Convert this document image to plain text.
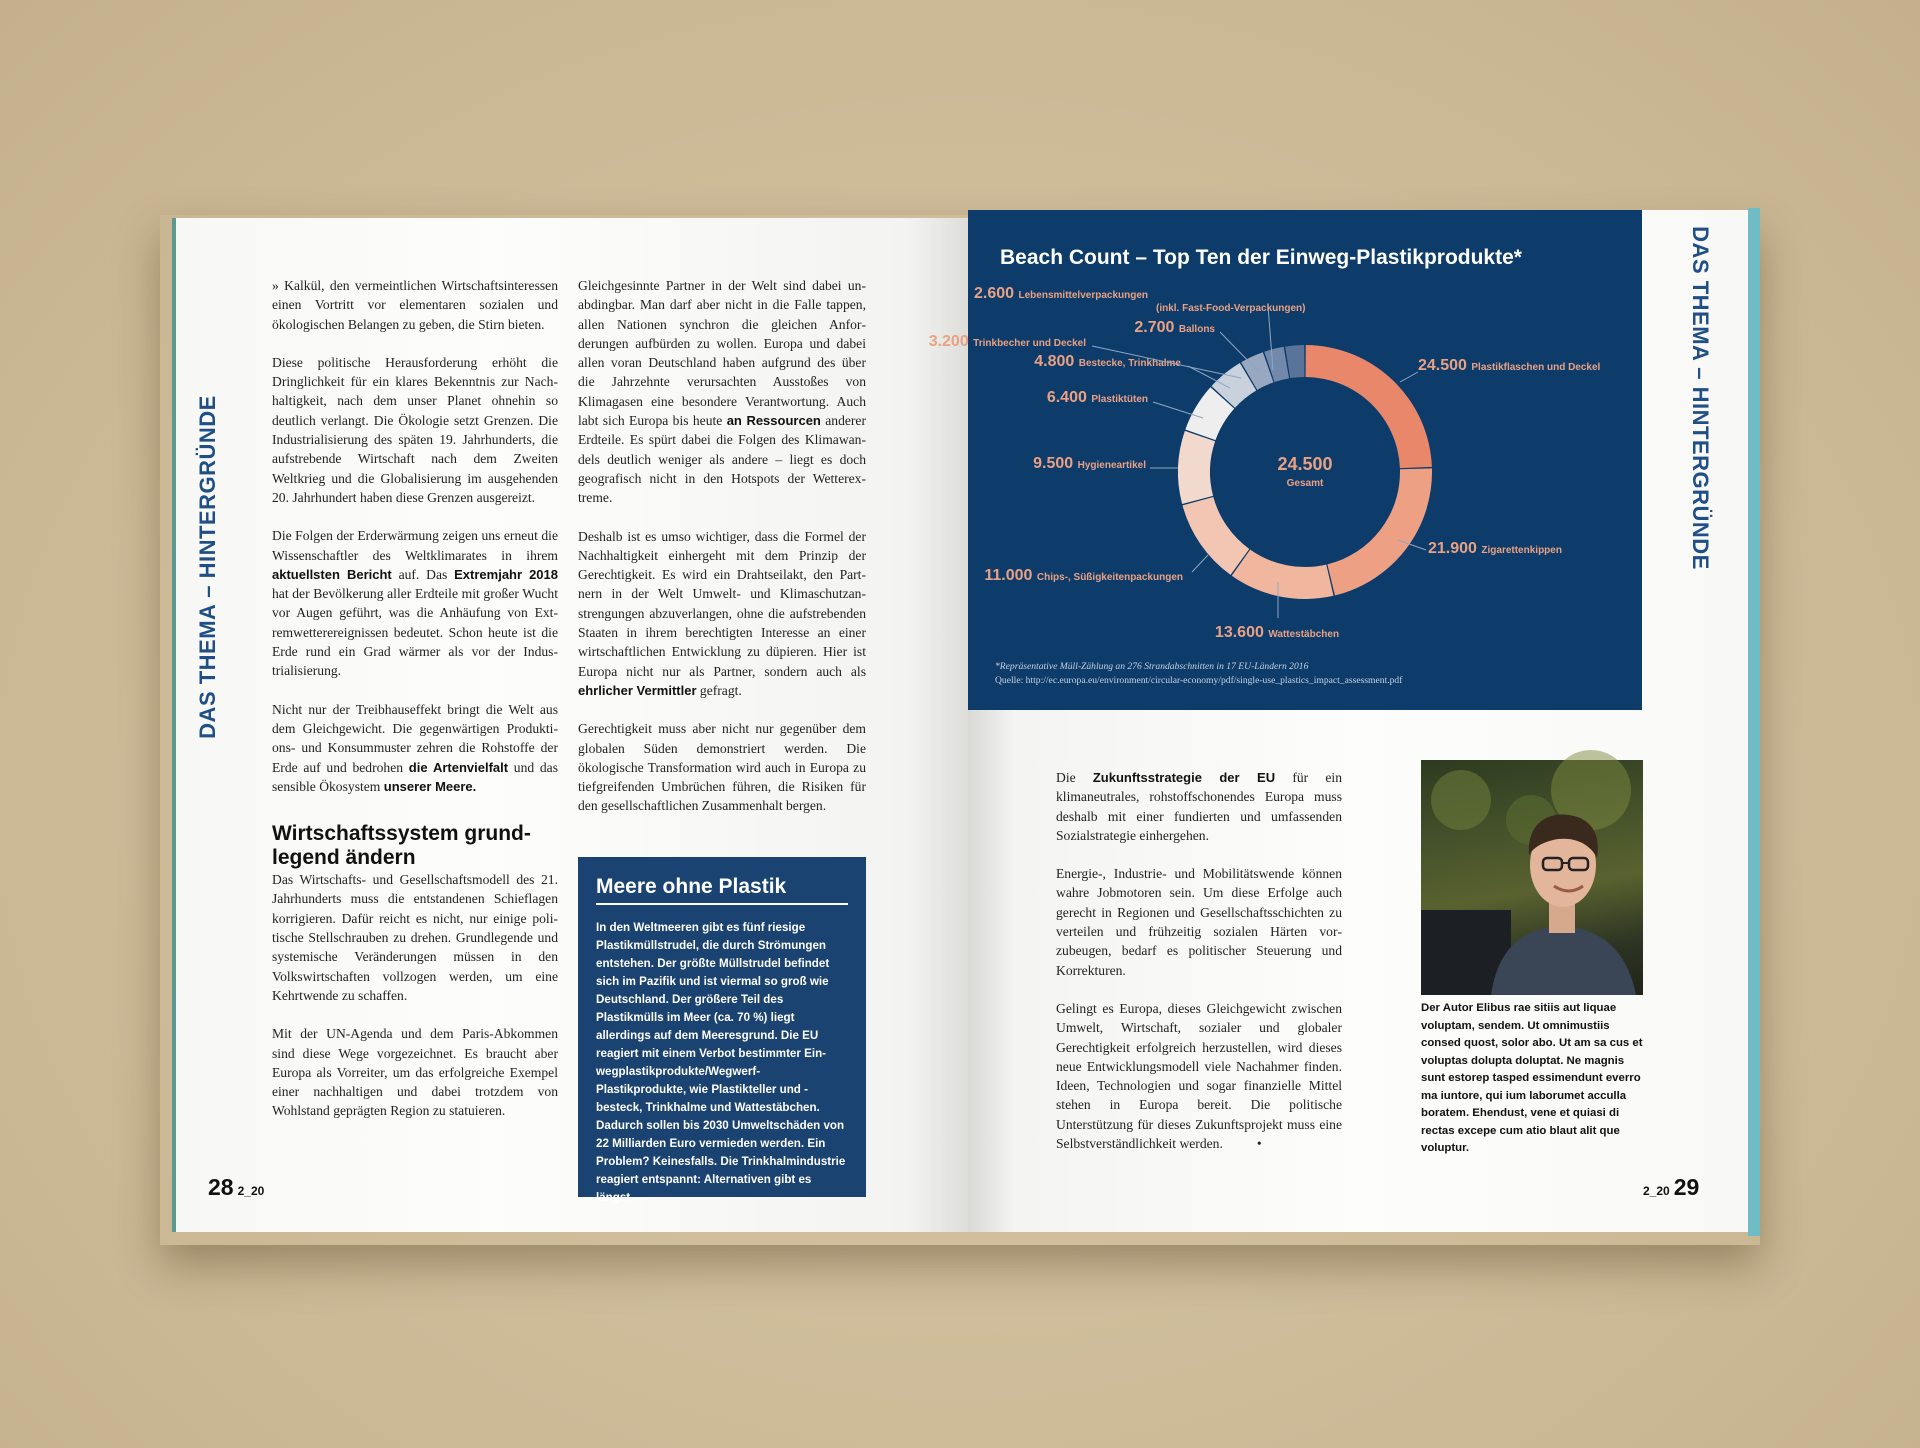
DAS THEMA – HINTERGRÜNDE

» Kalkül, den vermeintlichen Wirtschaftsinteressen einen Vortritt vor elementaren sozialen und ökologischen Belangen zu geben, die Stirn bieten.

Diese politische Herausforderung erhöht die Dringlichkeit für ein klares Bekenntnis zur Nachhaltigkeit, nach dem unser Planet ohnehin so deutlich verlangt. Die Ökologie setzt Grenzen. Die Industrialisierung des späten 19. Jahrhunderts, die aufstrebende Wirtschaft nach dem Zweiten Weltkrieg und die Globalisierung im ausgehenden 20. Jahrhundert haben diese Grenzen ausgereizt.

Die Folgen der Erderwärmung zeigen uns erneut die Wissenschaftler des Weltklimarates in ihrem aktuellsten Bericht auf. Das Extremjahr 2018 hat der Bevölkerung aller Erdteile mit großer Wucht vor Augen geführt, was die Anhäufung von Extremwetterereignissen bedeutet. Schon heute ist die Erde rund ein Grad wärmer als vor der Industrialisierung.

Nicht nur der Treibhauseffekt bringt die Welt aus dem Gleichgewicht. Die gegenwärtigen Produktions- und Konsummuster zehren die Rohstoffe der Erde auf und bedrohen die Artenvielfalt und das sensible Ökosystem unserer Meere.

Wirtschaftssystem grundlegend ändern

Das Wirtschafts- und Gesellschaftsmodell des 21. Jahrhunderts muss die entstandenen Schieflagen korrigieren. Dafür reicht es nicht, nur einige politische Stellschrauben zu drehen. Grundlegende und systemische Veränderungen müssen in den Volkswirtschaften vollzogen werden, um eine Kehrtwende zu schaffen.

Mit der UN-Agenda und dem Paris-Abkommen sind diese Wege vorgezeichnet. Es braucht aber Europa als Vorreiter, um das erfolgreiche Exempel einer nachhaltigen und dabei trotzdem von Wohlstand geprägten Region zu statuieren.

Gleichgesinnte Partner in der Welt sind dabei unabdingbar. Man darf aber nicht in die Falle tappen, allen Nationen synchron die gleichen Anforderungen aufbürden zu wollen. Europa und dabei allen voran Deutschland haben aufgrund des über die Jahrzehnte verursachten Ausstoßes von Klimagasen eine besondere Verantwortung. Auch labt sich Europa bis heute an Ressourcen anderer Erdteile. Es spürt dabei die Folgen des Klimawandels deutlich weniger als andere – liegt es doch geografisch nicht in den Hotspots der Wetterextreme.

Deshalb ist es umso wichtiger, dass die Formel der Nachhaltigkeit einhergeht mit dem Prinzip der Gerechtigkeit. Es wird ein Drahtseilakt, den Partnern in der Welt Umwelt- und Klimaschutzanstrengungen abzuverlangen, ohne die aufstrebenden Staaten in ihrem berechtigten Interesse an einer wirtschaftlichen Entwicklung zu düpieren. Hier ist Europa nicht nur als Partner, sondern auch als ehrlicher Vermittler gefragt.

Gerechtigkeit muss aber nicht nur gegenüber dem globalen Süden demonstriert werden. Die ökologische Transformation wird auch in Europa zu tiefgreifenden Umbrüchen führen, die Risiken für den gesellschaftlichen Zusammenhalt bergen.

Meere ohne Plastik
In den Weltmeeren gibt es fünf riesige Plastikmüllstrudel, die durch Strömungen entstehen. Der größte Müllstrudel befindet sich im Pazifik und ist viermal so groß wie Deutschland. Der größere Teil des Plastikmülls im Meer (ca. 70 %) liegt allerdings auf dem Meeresgrund. Die EU reagiert mit einem Verbot bestimmter Einwegplastikprodukte/Wegwerf-Plastikprodukte, wie Plastikteller und -besteck, Trinkhalme und Wattestäbchen. Dadurch sollen bis 2030 Umweltschäden von 22 Milliarden Euro vermieden werden. Ein Problem? Keinesfalls. Die Trinkhalmindustrie reagiert entspannt: Alternativen gibt es längst.
28 2_20
DAS THEMA – HINTERGRÜNDE
Beach Count – Top Ten der Einweg-Plastikprodukte*
24.500 Plastikflaschen und Deckel
21.900 Zigarettenkippen
13.600 Wattestäbchen
11.000 Chips-, Süßigkeitenpackungen
9.500 Hygieneartikel
6.400 Plastiktüten
4.800 Bestecke, Trinkhalme
3.200 Trinkbecher und Deckel
2.700 Ballons
2.600 Lebensmittelverpackungen
(inkl. Fast-Food-Verpackungen)
24.500
Gesamt
*Repräsentative Müll-Zählung an 276 Strandabschnitten in 17 EU-Ländern 2016
Quelle: http://ec.europa.eu/environment/circular-economy/pdf/single-use_plastics_impact_assessment.pdf

Die Zukunftsstrategie der EU für ein klimaneutrales, rohstoffschonendes Europa muss deshalb mit einer fundierten und umfassenden Sozialstrategie einhergehen.

Energie-, Industrie- und Mobilitätswende können wahre Jobmotoren sein. Um diese Erfolge auch gerecht in Regionen und Gesellschaftsschichten zu verteilen und frühzeitig sozialen Härten vorzubeugen, bedarf es politischer Steuerung und Korrekturen.

Gelingt es Europa, dieses Gleichgewicht zwischen Umwelt, Wirtschaft, sozialer und globaler Gerechtigkeit erfolgreich herzustellen, wird dieses neue Entwicklungsmodell viele Nachahmer finden. Ideen, Technologien und sogar finanzielle Mittel stehen in Europa bereit. Die politische Unterstützung für dieses Zukunftsprojekt muss eine Selbstverständlichkeit werden.	•

Der Autor Elibus rae sitiis aut liquae voluptam, sendem. Ut omnimustiis consed quost, solor abo. Ut am sa cus et voluptas dolupta doluptat. Ne magnis sunt estorep tasped essimendunt everro ma iuntore, qui ium laborumet acculla boratem. Ehendust, vene et quiasi di rectas excepe cum atio blaut alit que voluptur.
2_20 29
